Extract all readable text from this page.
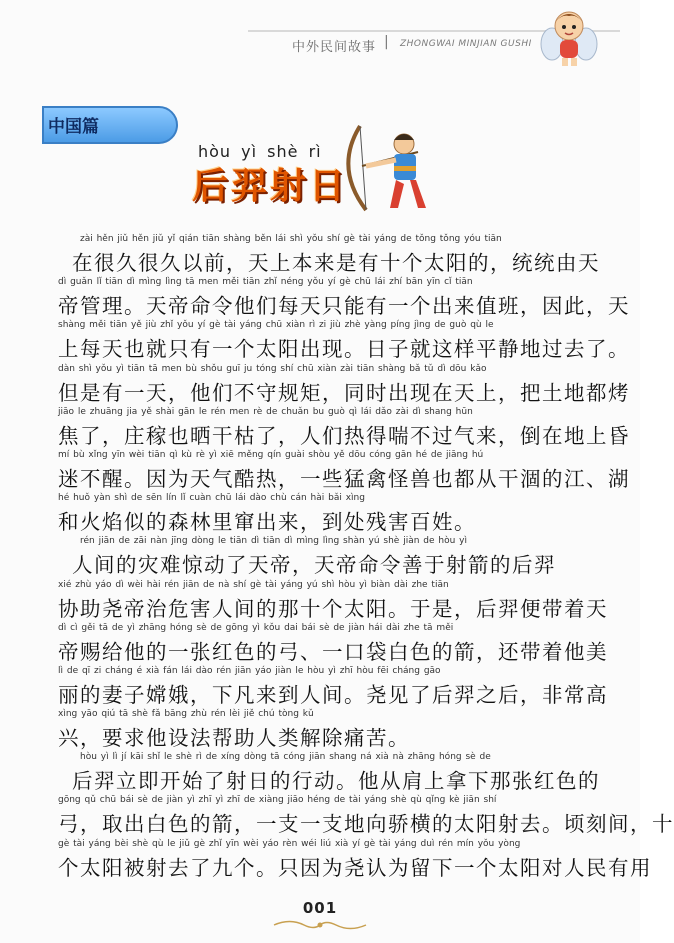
中外民间故事 | ZHONGWAI MINJIAN GUSHI
中国篇
hòu yì shè rì
后羿射日
zài hěn jiǔ hěn jiǔ yǐ qián tiān shàng běn lái shì yǒu shí gè tài yáng de tǒng tǒng yóu tiān
在很久很久以前，天上本来是有十个太阳的，统统由天
dì guǎn lǐ tiān dì mìng lìng tā men měi tiān zhǐ néng yǒu yí gè chū lái zhí bān yīn cǐ tiān
帝管理。天帝命令他们每天只能有一个出来值班，因此，天
shàng měi tiān yě jiù zhǐ yǒu yí gè tài yáng chū xiàn rì zi jiù zhè yàng píng jìng de guò qù le
上每天也就只有一个太阳出现。日子就这样平静地过去了。
dàn shì yǒu yì tiān tā men bù shǒu guī ju tóng shí chū xiàn zài tiān shàng bǎ tǔ dì dōu kǎo
但是有一天，他们不守规矩，同时出现在天上，把土地都烤
jiāo le zhuāng jia yě shài gān le rén men rè de chuǎn bu guò qì lái dǎo zài dì shang hūn
焦了，庄稼也晒干枯了，人们热得喘不过气来，倒在地上昏
mí bù xǐng yīn wèi tiān qì kù rè yì xiē měng qín guài shòu yě dōu cóng gān hé de jiāng hú
迷不醒。因为天气酷热，一些猛禽怪兽也都从干涸的江、湖
hé huǒ yàn shì de sēn lín lǐ cuàn chū lái dào chù cán hài bǎi xìng
和火焰似的森林里窜出来，到处残害百姓。
rén jiān de zāi nàn jīng dòng le tiān dì tiān dì mìng lìng shàn yú shè jiàn de hòu yì
人间的灾难惊动了天帝，天帝命令善于射箭的后羿
xié zhù yáo dì wèi hài rén jiān de nà shí gè tài yáng yú shì hòu yì biàn dài zhe tiān
协助尧帝治危害人间的那十个太阳。于是，后羿便带着天
dì cì gěi tā de yì zhāng hóng sè de gōng yì kǒu dai bái sè de jiàn hái dài zhe tā měi
帝赐给他的一张红色的弓、一口袋白色的箭，还带着他美
lì de qī zi cháng é xià fán lái dào rén jiān yáo jiàn le hòu yì zhī hòu fēi cháng gāo
丽的妻子嫦娥，下凡来到人间。尧见了后羿之后，非常高
xìng yāo qiú tā shè fǎ bāng zhù rén lèi jiě chú tòng kǔ
兴，要求他设法帮助人类解除痛苦。
hòu yì lì jí kāi shǐ le shè rì de xíng dòng tā cóng jiān shang ná xià nà zhāng hóng sè de
后羿立即开始了射日的行动。他从肩上拿下那张红色的
gōng qǔ chū bái sè de jiàn yì zhī yì zhī de xiàng jiāo héng de tài yáng shè qù qǐng kè jiān shí
弓，取出白色的箭，一支一支地向骄横的太阳射去。顷刻间，十
gè tài yáng bèi shè qù le jiǔ gè zhǐ yīn wèi yáo rèn wéi liú xià yí gè tài yáng duì rén mín yǒu yòng
个太阳被射去了九个。只因为尧认为留下一个太阳对人民有用
001
